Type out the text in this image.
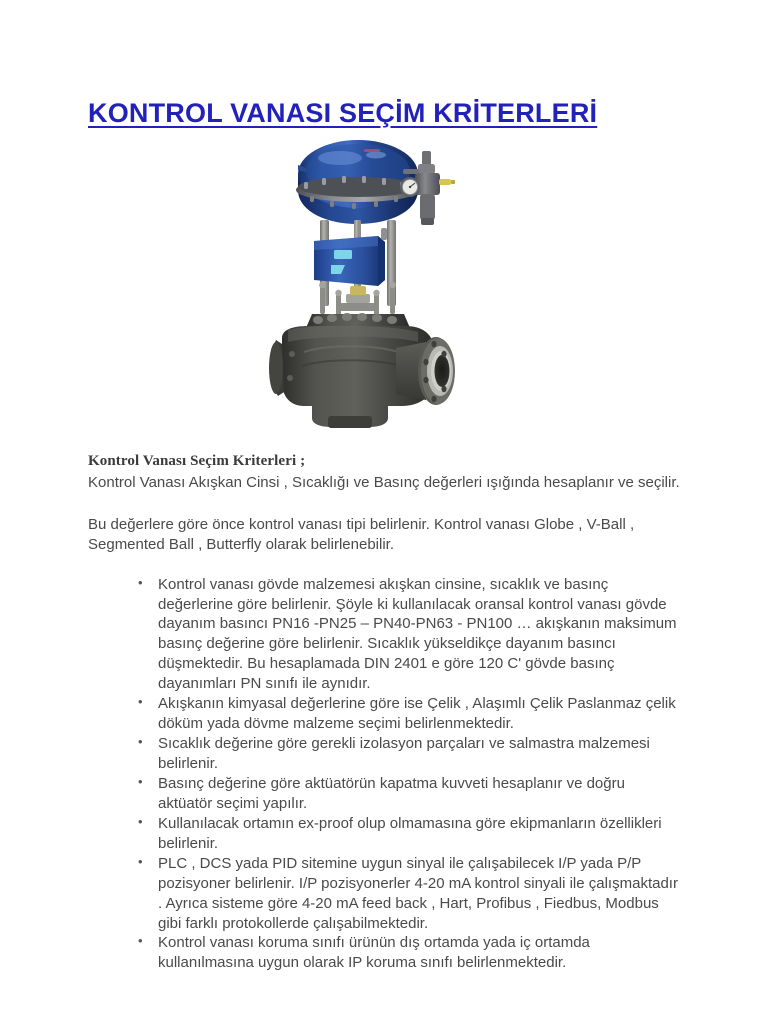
KONTROL VANASI SEÇİM KRİTERLERİ
Kontrol Vanası Seçim Kriterleri ;

Kontrol Vanası Akışkan Cinsi , Sıcaklığı ve Basınç değerleri ışığında hesaplanır ve seçilir.

Bu değerlere göre önce kontrol vanası tipi belirlenir. Kontrol vanası Globe , V-Ball , Segmented Ball , Butterfly olarak belirlenebilir.

• Kontrol vanası gövde malzemesi akışkan cinsine, sıcaklık ve basınç değerlerine göre belirlenir. Şöyle ki kullanılacak oransal kontrol vanası gövde dayanım basıncı PN16 -PN25 – PN40-PN63 - PN100 … akışkanın maksimum basınç değerine göre belirlenir. Sıcaklık yükseldikçe dayanım basıncı düşmektedir. Bu hesaplamada DIN 2401 e göre 120 C' gövde basınç dayanımları PN sınıfı ile aynıdır.
• Akışkanın kimyasal değerlerine göre ise Çelik , Alaşımlı Çelik Paslanmaz çelik döküm yada dövme malzeme seçimi belirlenmektedir.
• Sıcaklık değerine göre gerekli izolasyon parçaları ve salmastra malzemesi belirlenir.
• Basınç değerine göre aktüatörün kapatma kuvveti hesaplanır ve doğru aktüatör seçimi yapılır.
• Kullanılacak ortamın ex-proof olup olmamasına göre ekipmanların özellikleri belirlenir.
• PLC , DCS yada PID sitemine uygun sinyal ile çalışabilecek I/P yada P/P pozisyoner belirlenir. I/P pozisyonerler 4-20 mA kontrol sinyali ile çalışmaktadır . Ayrıca sisteme göre 4-20 mA feed back , Hart, Profibus , Fiedbus, Modbus gibi farklı protokollerde çalışabilmektedir.
• Kontrol vanası koruma sınıfı ürünün dış ortamda yada iç ortamda kullanılmasına uygun olarak IP koruma sınıfı belirlenmektedir.
